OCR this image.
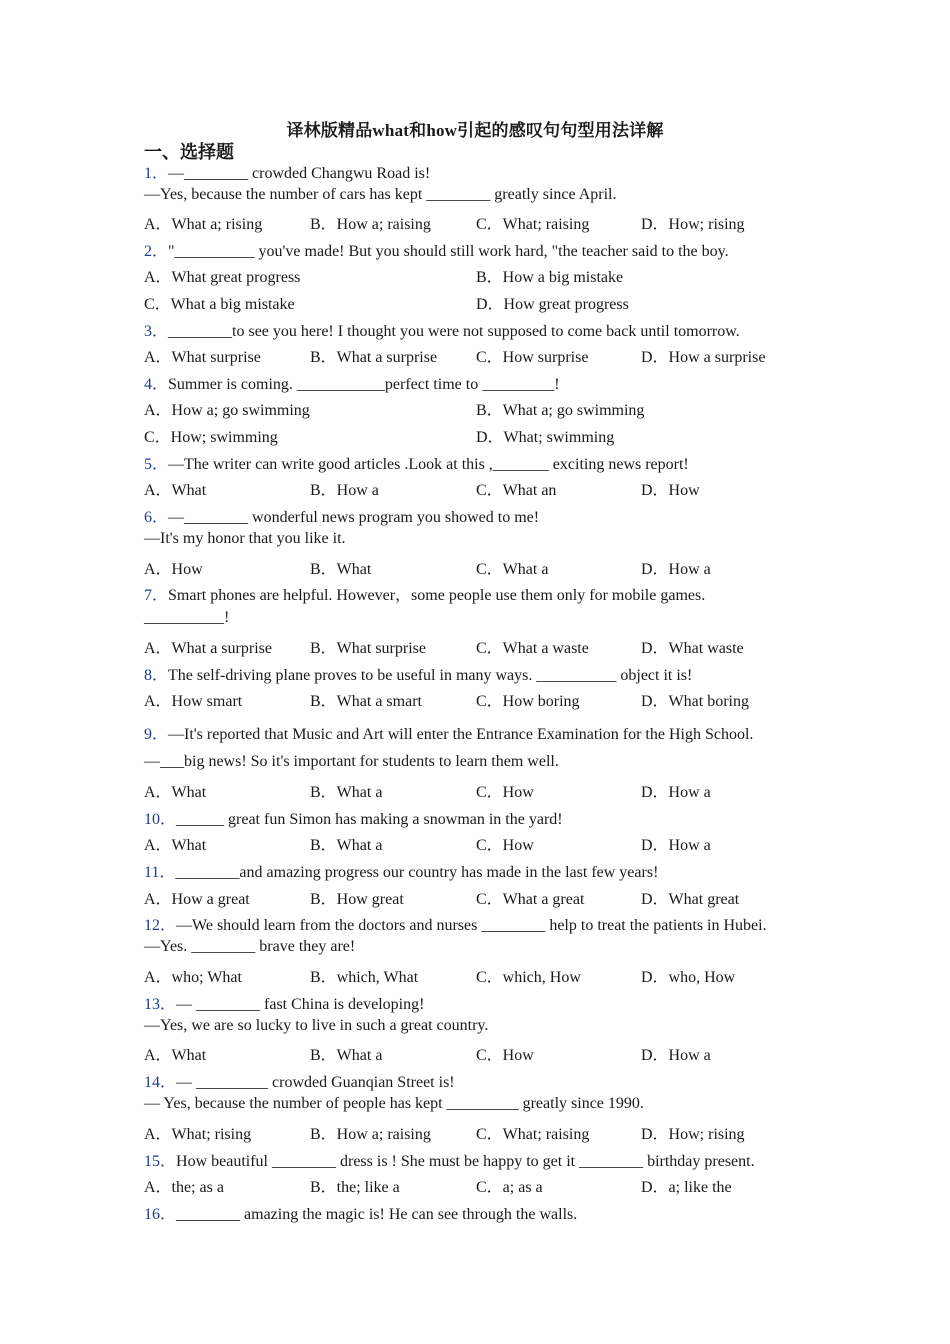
译林版精品what和how引起的感叹句句型用法详解
一、选择题
1．—________ crowded Changwu Road is!
—Yes, because the number of cars has kept ________ greatly since April.
A．What a; rising	B．How a; raising	C．What; raising	D．How; rising
2．"__________ you've made! But you should still work hard, "the teacher said to the boy.
A．What great progress	B．How a big mistake
C．What a big mistake	D．How great progress
3．________to see you here! I thought you were not supposed to come back until tomorrow.
A．What surprise	B．What a surprise C．How surprise	D．How a surprise
4．Summer is coming. ___________perfect time to _________!
A．How a; go swimming	B．What a; go swimming
C．How; swimming	D．What; swimming
5．—The writer can write good articles .Look at this ,_______ exciting news report!
A．What	B．How a	C．What an	D．How
6．—________ wonderful news program you showed to me!
—It's my honor that you like it.
A．How	B．What	C．What a	D．How a
7．Smart phones are helpful. However，some people use them only for mobile games.
__________!
A．What a surprise B．What surprise	C．What a waste	D．What waste
8．The self-driving plane proves to be useful in many ways. __________ object it is!
A．How smart	B．What a smart	C．How boring	D．What boring
9．—It's reported that Music and Art will enter the Entrance Examination for the High School.
—___big news! So it's important for students to learn them well.
A．What	B．What a	C．How	D．How a
10．______ great fun Simon has making a snowman in the yard!
A．What	B．What a	C．How	D．How a
11．________and amazing progress our country has made in the last few years!
A．How a great	B．How great	C．What a great	D．What great
12．—We should learn from the doctors and nurses ________ help to treat the patients in Hubei.
—Yes. ________ brave they are!
A．who; What	B．which, What	C．which, How	D．who, How
13．— ________ fast China is developing!
—Yes, we are so lucky to live in such a great country.
A．What	B．What a	C．How	D．How a
14．— _________ crowded Guanqian Street is!
— Yes, because the number of people has kept _________ greatly since 1990.
A．What; rising	B．How a; raising	C．What; raising	D．How; rising
15．How beautiful ________ dress is ! She must be happy to get it ________ birthday present.
A．the; as a	B．the; like a	C．a; as a	D．a; like the
16．________ amazing the magic is! He can see through the walls.
